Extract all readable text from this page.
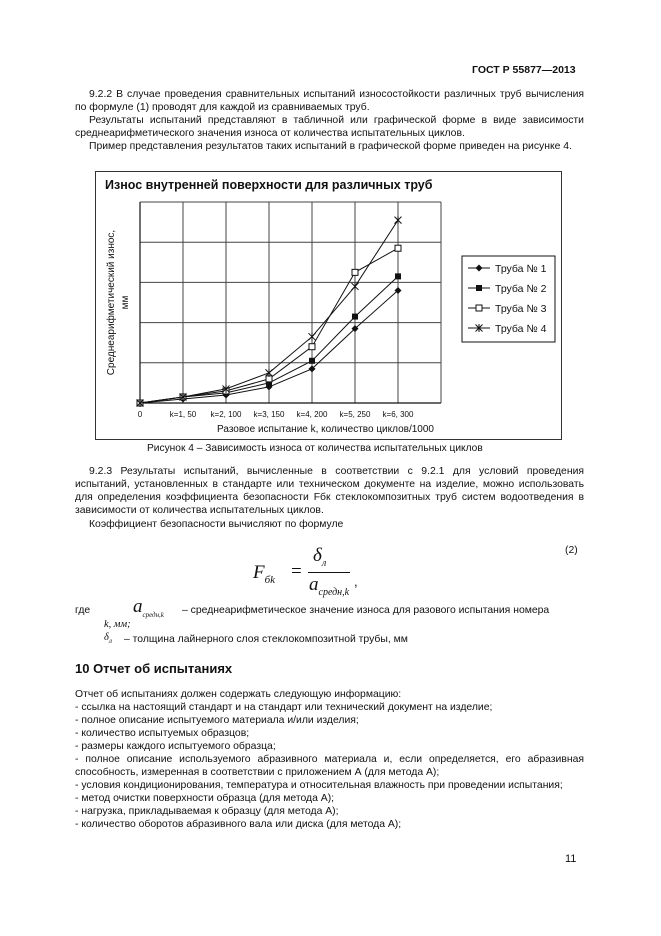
ГОСТ Р 55877—2013
9.2.2 В случае проведения сравнительных испытаний износостойкости различных труб вычисления по формуле (1) проводят для каждой из сравниваемых труб.
Результаты испытаний представляют в табличной или графической форме в виде зависимости среднеарифметического значения износа от количества испытательных циклов.
Пример представления результатов таких испытаний в графической форме приведен на рисунке 4.
Износ внутренней поверхности для различных труб
0	k=1, 50 k=2, 100 k=3, 150 k=4, 200 k=5, 250 k=6, 300
Разовое испытание k, количество циклов/1000
Среднеарифметический износ, мм
Труба № 1
Труба № 2
Труба № 3
Труба № 4
Рисунок 4 – Зависимость износа от количества испытательных циклов
9.2.3 Результаты испытаний, вычисленные в соответствии с 9.2.1 для условий проведения испытаний, установленных в стандарте или техническом документе на изделие, можно использовать для определения коэффициента безопасности Fбк стеклокомпозитных труб систем водоотведения в зависимости от количества испытательных циклов.
Коэффициент безопасности вычисляют по формуле
$F_{бk}$ =
$\delta_л$
$a_{средн,k}$
,
(2)
где $a_{средн,k}$ – среднеарифметическое значение износа для разового испытания номера
k, мм;
$\delta_л$ – толщина лайнерного слоя стеклокомпозитной трубы, мм
10 Отчет об испытаниях
Отчет об испытаниях должен содержать следующую информацию:
- ссылка на настоящий стандарт и на стандарт или технический документ на изделие;
- полное описание испытуемого материала и/или изделия;
- количество испытуемых образцов;
- размеры каждого испытуемого образца;
- полное описание используемого абразивного материала и, если определяется, его абразивная способность, измеренная в соответствии с приложением А (для метода А);
- условия кондиционирования, температура и относительная влажность при проведении испытания;
- метод очистки поверхности образца (для метода А);
- нагрузка, прикладываемая к образцу (для метода А);
- количество оборотов абразивного вала или диска (для метода А);
11
